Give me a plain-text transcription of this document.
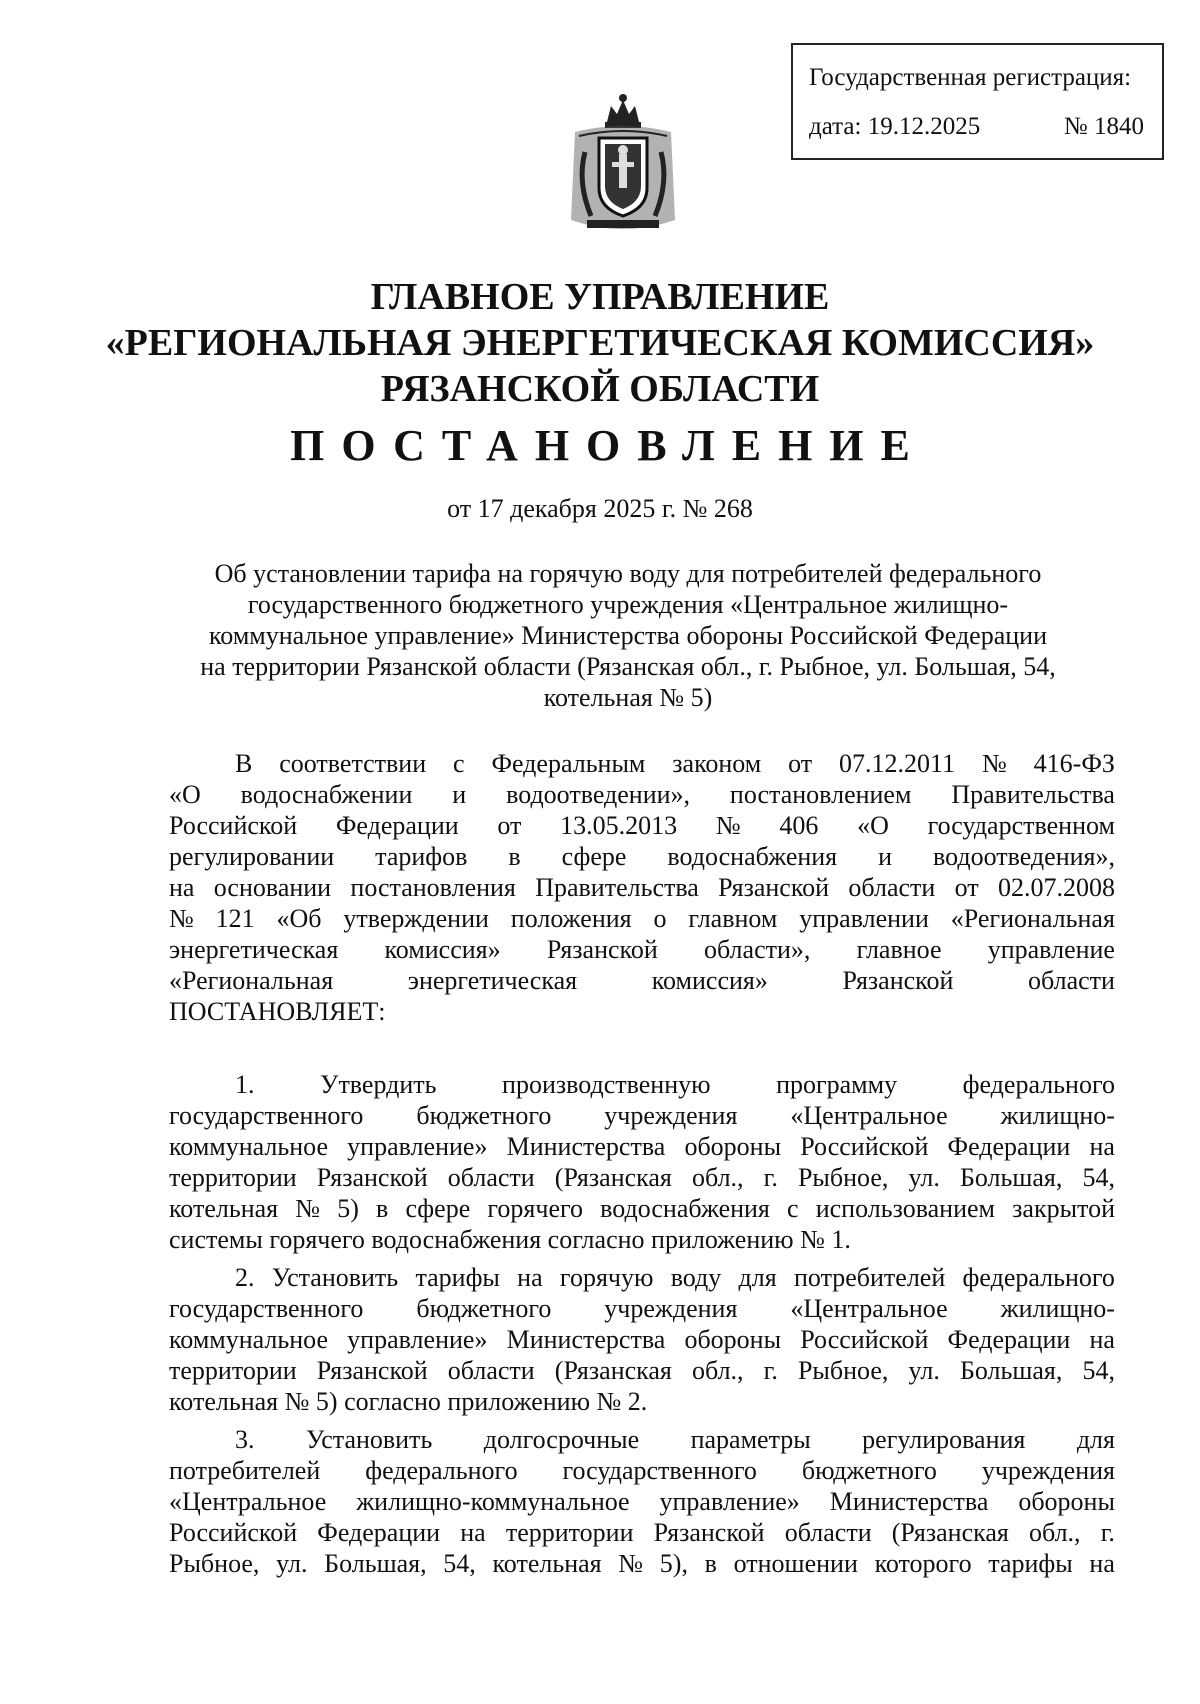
Государственная регистрация:
дата: 19.12.2025	№ 1840
ГЛАВНОЕ УПРАВЛЕНИЕ
«РЕГИОНАЛЬНАЯ ЭНЕРГЕТИЧЕСКАЯ КОМИССИЯ»
РЯЗАНСКОЙ ОБЛАСТИ
ПОСТАНОВЛЕНИЕ
от 17 декабря 2025 г. № 268
Об установлении тарифа на горячую воду для потребителей федерального
государственного бюджетного учреждения «Центральное жилищно-
коммунальное управление» Министерства обороны Российской Федерации
на территории Рязанской области (Рязанская обл., г. Рыбное, ул. Большая, 54,
котельная № 5)
В соответствии с Федеральным законом от 07.12.2011 № 416-ФЗ
«О водоснабжении и водоотведении», постановлением Правительства
Российской Федерации от 13.05.2013 № 406 «О государственном
регулировании тарифов в сфере водоснабжения и водоотведения»,
на основании постановления Правительства Рязанской области от 02.07.2008
№ 121 «Об утверждении положения о главном управлении «Региональная
энергетическая комиссия» Рязанской области», главное управление
«Региональная	энергетическая	комиссия»	Рязанской	области
ПОСТАНОВЛЯЕТ:
1.	Утвердить	производственную	программу	федерального
государственного бюджетного учреждения «Центральное жилищно-
коммунальное управление» Министерства обороны Российской Федерации на
территории Рязанской области (Рязанская обл., г. Рыбное, ул. Большая, 54,
котельная № 5) в сфере горячего водоснабжения с использованием закрытой
системы горячего водоснабжения согласно приложению № 1.
2. Установить тарифы на горячую воду для потребителей федерального
государственного бюджетного учреждения «Центральное жилищно-
коммунальное управление» Министерства обороны Российской Федерации на
территории Рязанской области (Рязанская обл., г. Рыбное, ул. Большая, 54,
котельная № 5) согласно приложению № 2.
3. Установить долгосрочные параметры регулирования для
потребителей федерального государственного бюджетного учреждения
«Центральное жилищно-коммунальное управление» Министерства обороны
Российской Федерации на территории Рязанской области (Рязанская обл., г.
Рыбное, ул. Большая, 54, котельная № 5), в отношении которого тарифы на
